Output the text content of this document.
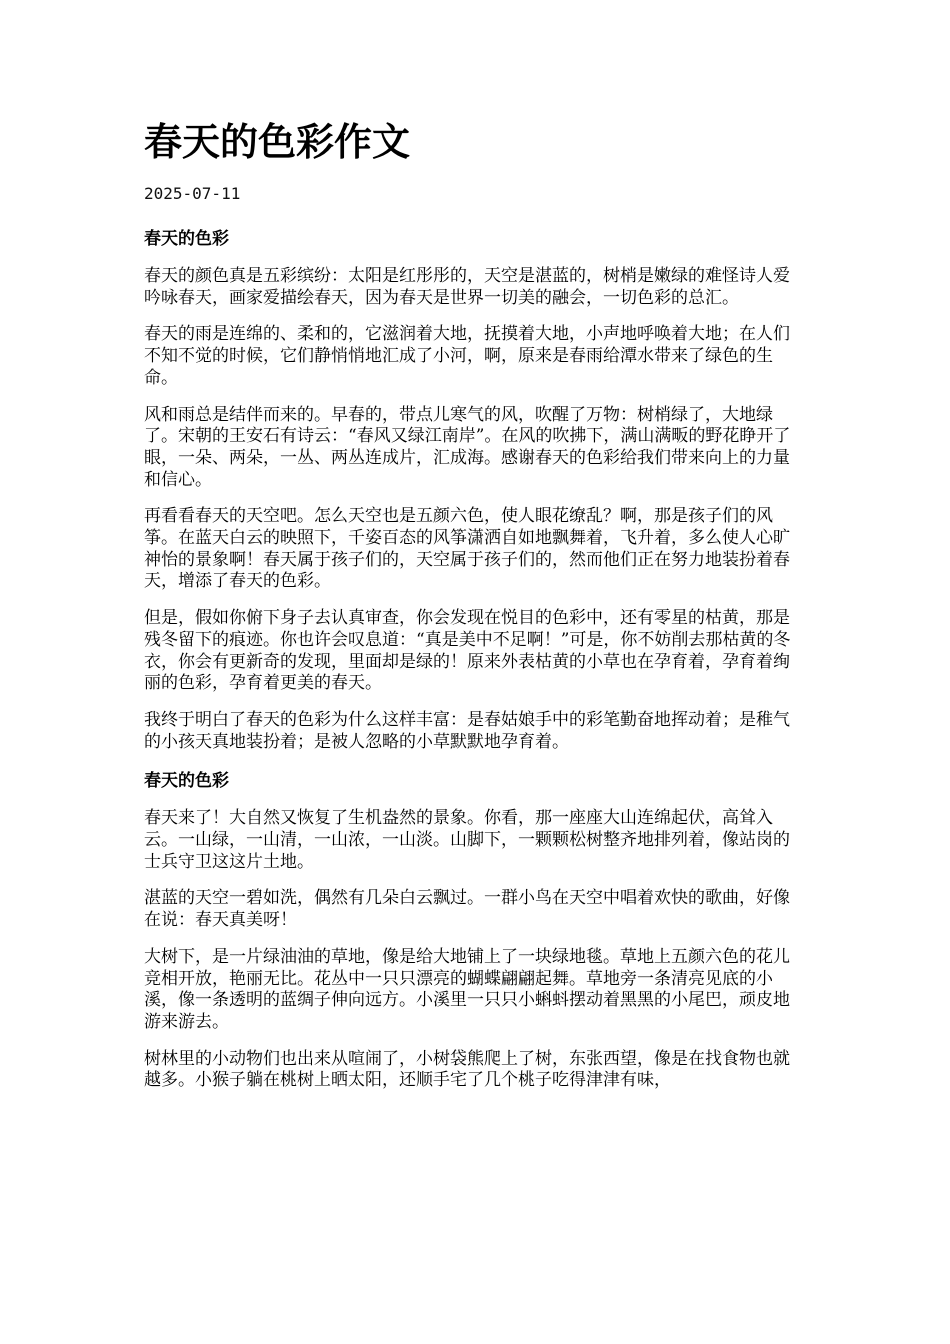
春天的色彩作文
2025-07-11
春天的色彩

春天的颜色真是五彩缤纷：太阳是红彤彤的，天空是湛蓝的，树梢是嫩绿的难怪诗人爱吟咏春天，画家爱描绘春天，因为春天是世界一切美的融会，一切色彩的总汇。

春天的雨是连绵的、柔和的，它滋润着大地，抚摸着大地，小声地呼唤着大地；在人们不知不觉的时候，它们静悄悄地汇成了小河，啊，原来是春雨给潭水带来了绿色的生命。

风和雨总是结伴而来的。早春的，带点儿寒气的风，吹醒了万物：树梢绿了，大地绿了。宋朝的王安石有诗云：“春风又绿江南岸”。在风的吹拂下，满山满畈的野花睁开了眼，一朵、两朵，一丛、两丛连成片，汇成海。感谢春天的色彩给我们带来向上的力量和信心。

再看看春天的天空吧。怎么天空也是五颜六色，使人眼花缭乱？啊，那是孩子们的风筝。在蓝天白云的映照下，千姿百态的风筝潇洒自如地飘舞着，飞升着，多么使人心旷神怡的景象啊！春天属于孩子们的，天空属于孩子们的，然而他们正在努力地装扮着春天，增添了春天的色彩。

但是，假如你俯下身子去认真审查，你会发现在悦目的色彩中，还有零星的枯黄，那是残冬留下的痕迹。你也许会叹息道：“真是美中不足啊！”可是，你不妨削去那枯黄的冬衣，你会有更新奇的发现，里面却是绿的！原来外表枯黄的小草也在孕育着，孕育着绚丽的色彩，孕育着更美的春天。

我终于明白了春天的色彩为什么这样丰富：是春姑娘手中的彩笔勤奋地挥动着；是稚气的小孩天真地装扮着；是被人忽略的小草默默地孕育着。

春天的色彩

春天来了！大自然又恢复了生机盎然的景象。你看，那一座座大山连绵起伏，高耸入云。一山绿，一山清，一山浓，一山淡。山脚下，一颗颗松树整齐地排列着，像站岗的士兵守卫这这片土地。

湛蓝的天空一碧如洗，偶然有几朵白云飘过。一群小鸟在天空中唱着欢快的歌曲，好像在说：春天真美呀！

大树下，是一片绿油油的草地，像是给大地铺上了一块绿地毯。草地上五颜六色的花儿竞相开放，艳丽无比。花丛中一只只漂亮的蝴蝶翩翩起舞。草地旁一条清亮见底的小溪，像一条透明的蓝绸子伸向远方。小溪里一只只小蝌蚪摆动着黑黑的小尾巴，顽皮地游来游去。

树林里的小动物们也出来从喧闹了，小树袋熊爬上了树，东张西望，像是在找食物也就越多。小猴子躺在桃树上晒太阳，还顺手宅了几个桃子吃得津津有味，
